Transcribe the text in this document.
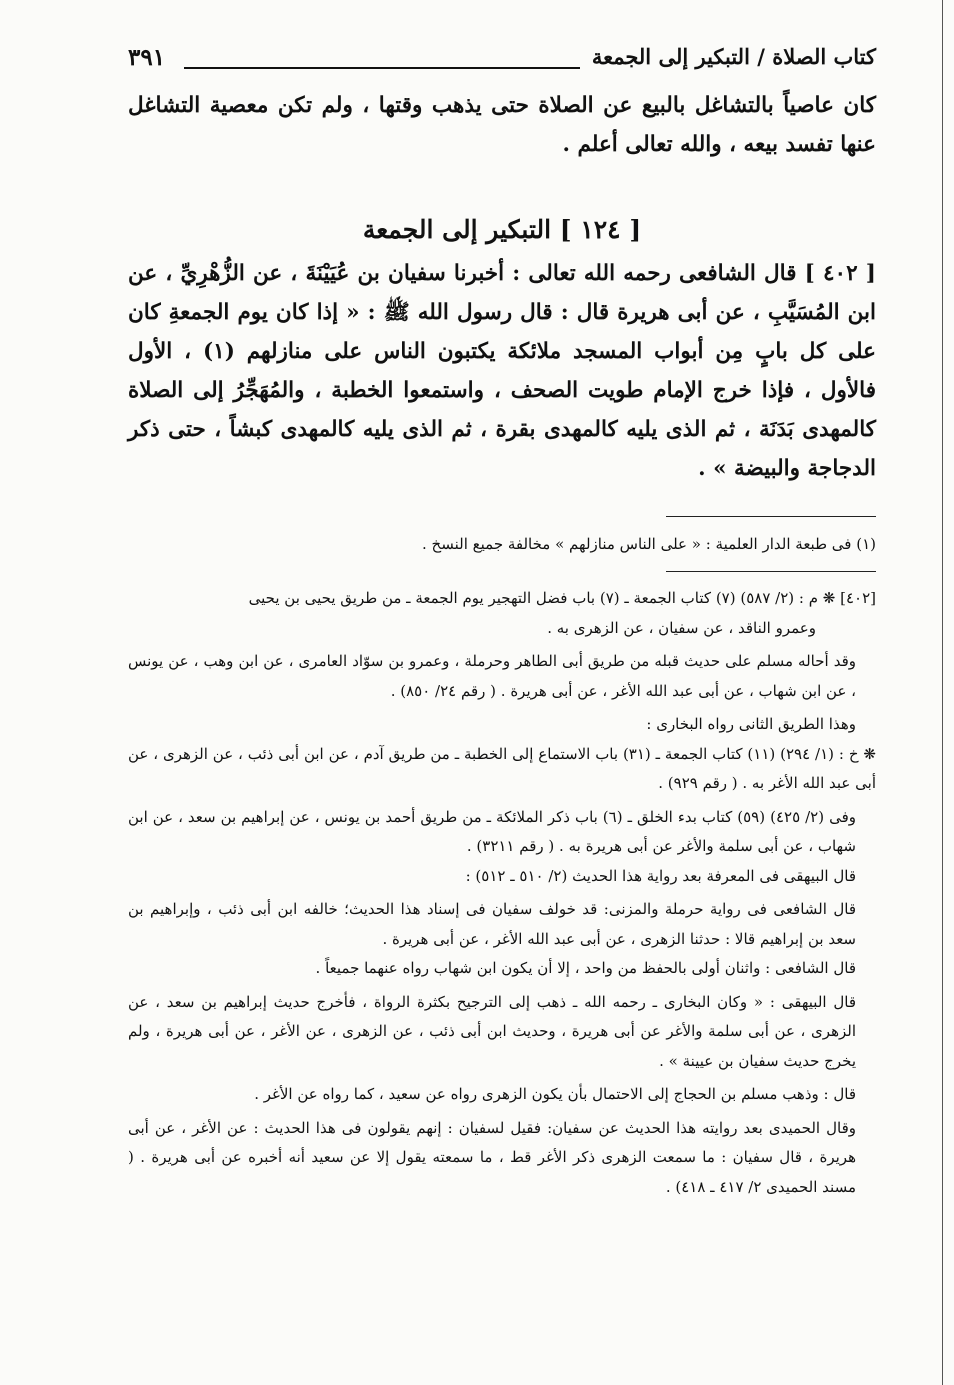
كتاب الصلاة / التبكير إلى الجمعة
٣٩١

كان عاصياً بالتشاغل بالبيع عن الصلاة حتى يذهب وقتها ، ولم تكن معصية التشاغل عنها تفسد بيعه ، والله تعالى أعلم .

[ ١٢٤ ] التبكير إلى الجمعة

[ ٤٠٢ ] قال الشافعى رحمه الله تعالى : أخبرنا سفيان بن عُيَيْنَةَ ، عن الزُّهْرِيِّ ، عن ابن المُسَيَّبِ ، عن أبى هريرة قال : قال رسول الله ﷺ : « إذا كان يوم الجمعةِ كان على كل بابٍ مِن أبواب المسجد ملائكة يكتبون الناس على منازلهم (١) ، الأول فالأول ، فإذا خرج الإمام طويت الصحف ، واستمعوا الخطبة ، والمُهَجِّرُ إلى الصلاة كالمهدى بَدَنَة ، ثم الذى يليه كالمهدى بقرة ، ثم الذى يليه كالمهدى كبشاً ، حتى ذكر الدجاجة والبيضة » .

(١) فى طبعة الدار العلمية : « على الناس منازلهم » مخالفة جميع النسخ .

[٤٠٢] ❋ م : (٢/ ٥٨٧) (٧) كتاب الجمعة ـ (٧) باب فضل التهجير يوم الجمعة ـ من طريق يحيى بن يحيى

وعمرو الناقد ، عن سفيان ، عن الزهرى به .

وقد أحاله مسلم على حديث قبله من طريق أبى الطاهر وحرملة ، وعمرو بن سوّاد العامرى ، عن ابن وهب ، عن يونس ، عن ابن شهاب ، عن أبى عبد الله الأغر ، عن أبى هريرة . ( رقم ٢٤/ ٨٥٠) .

وهذا الطريق الثانى رواه البخارى :

❋ خ : (١/ ٢٩٤) (١١) كتاب الجمعة ـ (٣١) باب الاستماع إلى الخطبة ـ من طريق آدم ، عن ابن أبى ذئب ، عن الزهرى ، عن أبى عبد الله الأغر به . ( رقم ٩٢٩) .

وفى (٢/ ٤٢٥) (٥٩) كتاب بدء الخلق ـ (٦) باب ذكر الملائكة ـ من طريق أحمد بن يونس ، عن إبراهيم بن سعد ، عن ابن شهاب ، عن أبى سلمة والأغر عن أبى هريرة به . ( رقم ٣٢١١) .

قال البيهقى فى المعرفة بعد رواية هذا الحديث (٢/ ٥١٠ ـ ٥١٢) :

قال الشافعى فى رواية حرملة والمزنى: قد خولف سفيان فى إسناد هذا الحديث؛ خالفه ابن أبى ذئب ، وإبراهيم بن سعد بن إبراهيم قالا : حدثنا الزهرى ، عن أبى عبد الله الأغر ، عن أبى هريرة .

قال الشافعى : واثنان أولى بالحفظ من واحد ، إلا أن يكون ابن شهاب رواه عنهما جميعاً .

قال البيهقى : « وكان البخارى ـ رحمه الله ـ ذهب إلى الترجيح بكثرة الرواة ، فأخرج حديث إبراهيم بن سعد ، عن الزهرى ، عن أبى سلمة والأغر عن أبى هريرة ، وحديث ابن أبى ذئب ، عن الزهرى ، عن الأغر ، عن أبى هريرة ، ولم يخرج حديث سفيان بن عيينة » .

قال : وذهب مسلم بن الحجاج إلى الاحتمال بأن يكون الزهرى رواه عن سعيد ، كما رواه عن الأغر .

وقال الحميدى بعد روايته هذا الحديث عن سفيان: فقيل لسفيان : إنهم يقولون فى هذا الحديث : عن الأغر ، عن أبى هريرة ، قال سفيان : ما سمعت الزهرى ذكر الأغر قط ، ما سمعته يقول إلا عن سعيد أنه أخبره عن أبى هريرة . ( مسند الحميدى ٢/ ٤١٧ ـ ٤١٨) .
